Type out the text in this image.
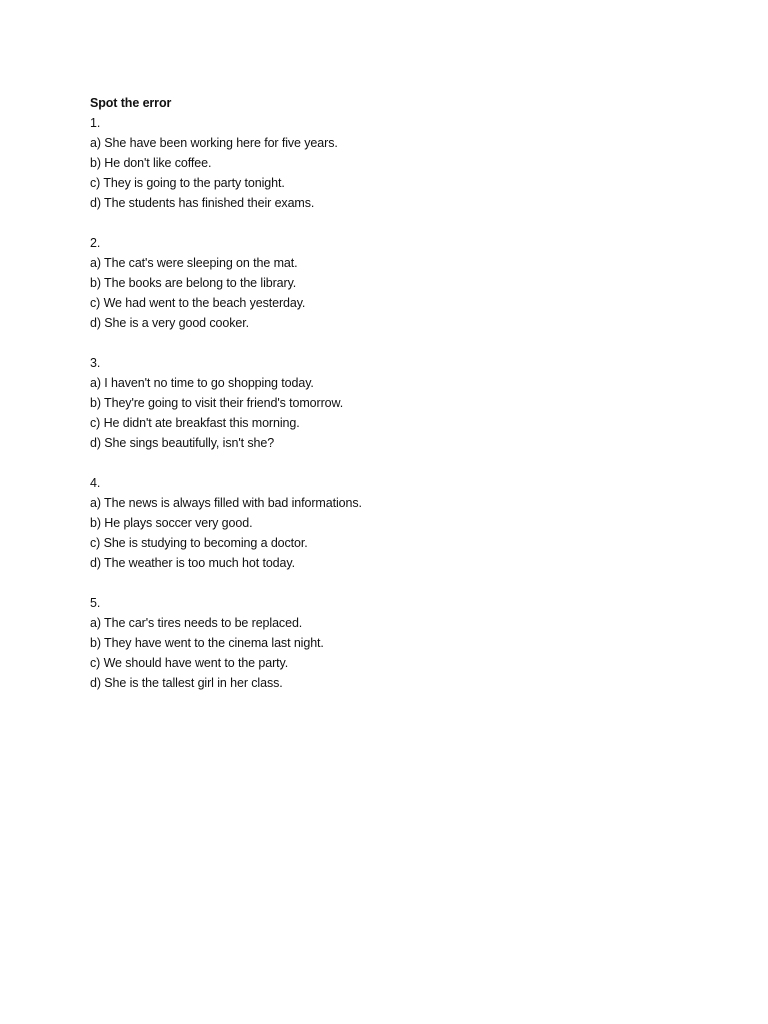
Spot the error
1.
a) She have been working here for five years.
b) He don't like coffee.
c) They is going to the party tonight.
d) The students has finished their exams.
2.
a) The cat's were sleeping on the mat.
b) The books are belong to the library.
c) We had went to the beach yesterday.
d) She is a very good cooker.
3.
a) I haven't no time to go shopping today.
b) They're going to visit their friend's tomorrow.
c) He didn't ate breakfast this morning.
d) She sings beautifully, isn't she?
4.
a) The news is always filled with bad informations.
b) He plays soccer very good.
c) She is studying to becoming a doctor.
d) The weather is too much hot today.
5.
a) The car's tires needs to be replaced.
b) They have went to the cinema last night.
c) We should have went to the party.
d) She is the tallest girl in her class.
